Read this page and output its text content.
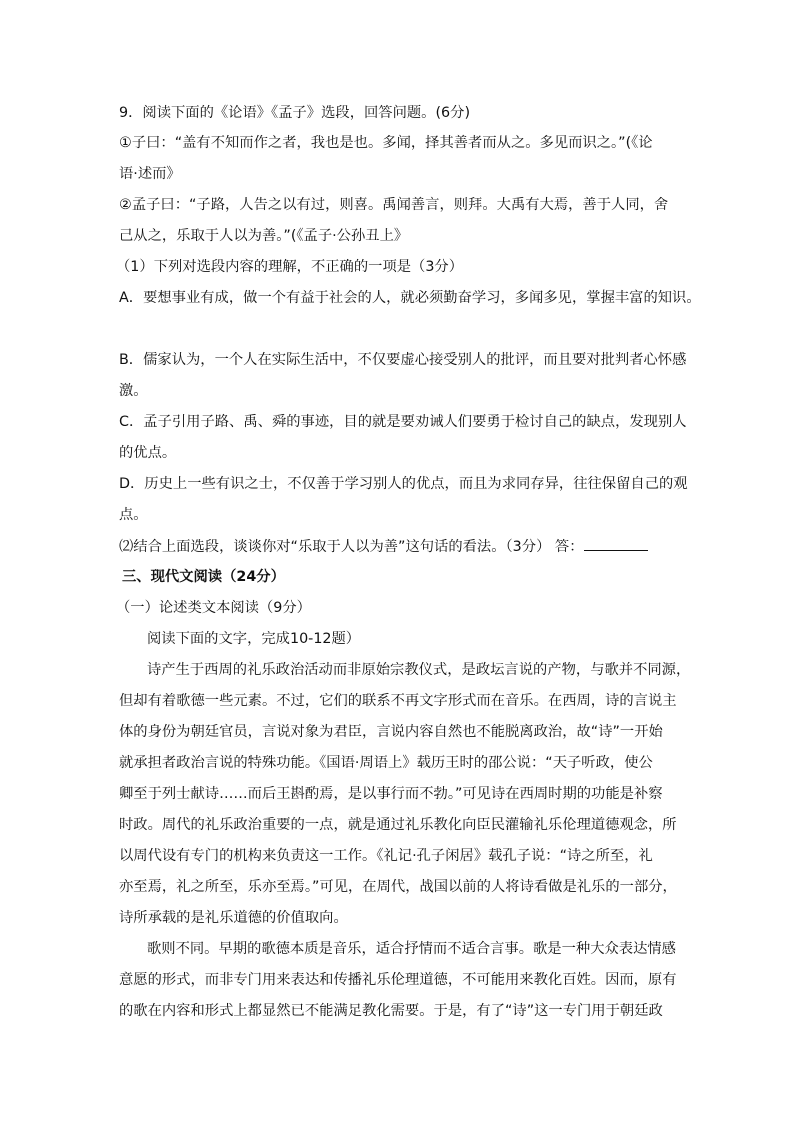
9．阅读下面的《论语》《孟子》选段，回答问题。(6分)

①子曰：“盖有不知而作之者，我也是也。多闻，择其善者而从之。多见而识之。”(《论

语·述而》

②孟子曰：“子路，人告之以有过，则喜。禹闻善言，则拜。大禹有大焉，善于人同，舍

己从之，乐取于人以为善。”(《孟子·公孙丑上》

（1）下列对选段内容的理解，不正确的一项是（3分）

A．要想事业有成，做一个有益于社会的人，就必须勤奋学习，多闻多见，掌握丰富的知识。

B．儒家认为，一个人在实际生活中，不仅要虚心接受别人的批评，而且要对批判者心怀感

激。

C．孟子引用子路、禹、舜的事迹，目的就是要劝诫人们要勇于检讨自己的缺点，发现别人

的优点。

D．历史上一些有识之士，不仅善于学习别人的优点，而且为求同存异，往往保留自己的观

点。

⑵结合上面选段，谈谈你对“乐取于人以为善”这句话的看法。（3分） 答：

三、现代文阅读（24分）

（一）论述类文本阅读（9分）

阅读下面的文字，完成10-12题）

诗产生于西周的礼乐政治活动而非原始宗教仪式，是政坛言说的产物，与歌并不同源，

但却有着歌德一些元素。不过，它们的联系不再文字形式而在音乐。在西周，诗的言说主

体的身份为朝廷官员，言说对象为君臣，言说内容自然也不能脱离政治，故“诗”一开始

就承担者政治言说的特殊功能。《国语·周语上》载历王时的邵公说：“天子听政，使公

卿至于列士献诗……而后王斟酌焉，是以事行而不勃。”可见诗在西周时期的功能是补察

时政。周代的礼乐政治重要的一点，就是通过礼乐教化向臣民灌输礼乐伦理道德观念，所

以周代设有专门的机构来负责这一工作。《礼记·孔子闲居》载孔子说：“诗之所至，礼

亦至焉，礼之所至，乐亦至焉。”可见，在周代，战国以前的人将诗看做是礼乐的一部分，

诗所承载的是礼乐道德的价值取向。

歌则不同。早期的歌德本质是音乐，适合抒情而不适合言事。歌是一种大众表达情感

意愿的形式，而非专门用来表达和传播礼乐伦理道德，不可能用来教化百姓。因而，原有

的歌在内容和形式上都显然已不能满足教化需要。于是，有了“诗”这一专门用于朝廷政
